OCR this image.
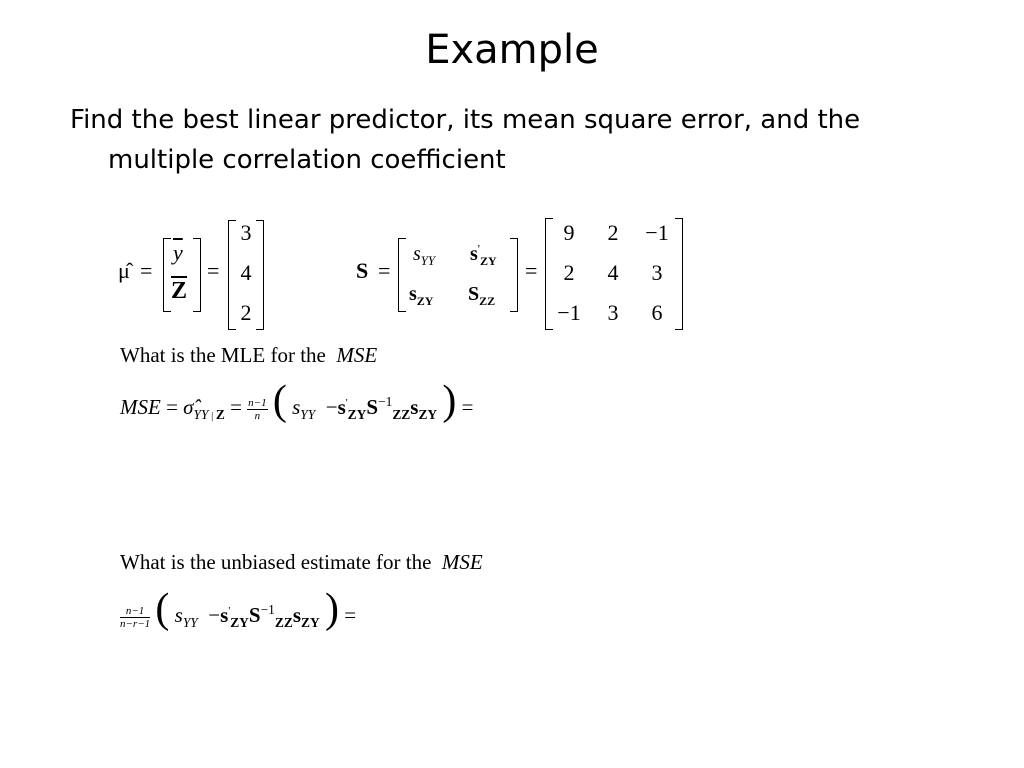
Example
Find the best linear predictor, its mean square error, and the
multiple correlation coefficient
μ̂ =
$\overline{y}$
$\overline{Z}$
=
3
4
2
S =
$s_{YY}$ $s'_{ZY}$
$s_{ZY}$ $S_{ZZ}$
=
9	2	−1
2	4	3
−1	3	6
What is the MLE for the MSE
MSE = $\sigmâ_{YY}$ $_|$ $_Z = \frac{n-1}{n}$ ( $s_{YY} -s'_{ZY}S^{-1}_{ZZ}s_{ZY}$ ) =
What is the unbiased estimate for the MSE
$\frac{n-1}{n-r-1}$ ( $s_{YY} -s'_{ZY}S^{-1}_{ZZ}s_{ZY}$ ) =
